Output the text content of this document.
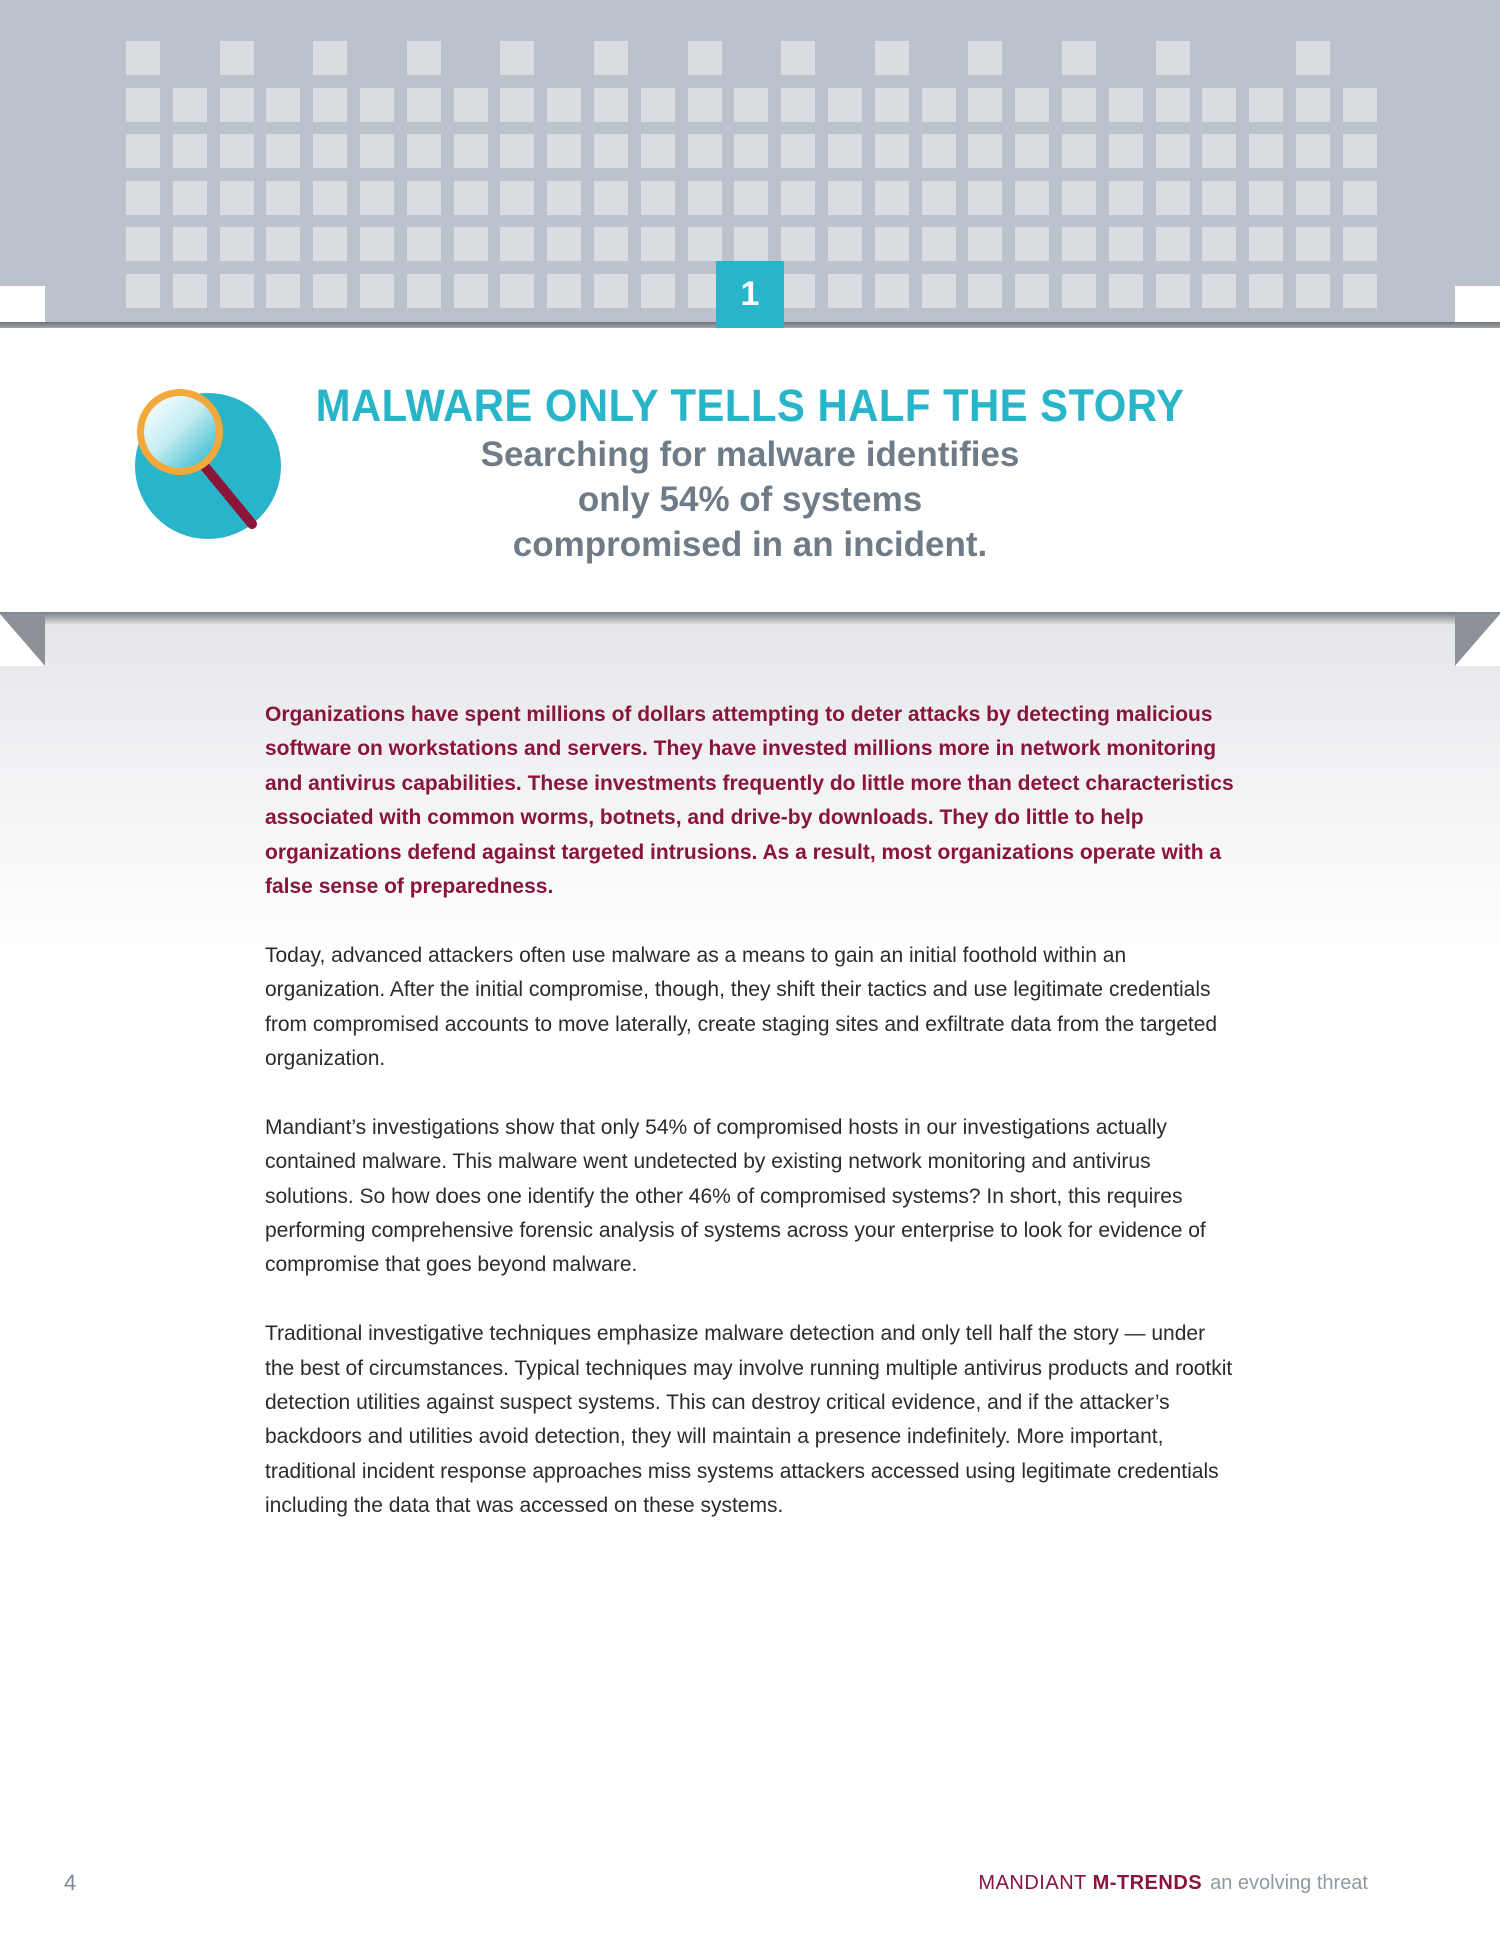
1
MALWARE ONLY TELLS HALF THE STORY
Searching for malware identifies
only 54% of systems
compromised in an incident.

Organizations have spent millions of dollars attempting to deter attacks by detecting malicious software on workstations and servers. They have invested millions more in network monitoring and antivirus capabilities. These investments frequently do little more than detect characteristics associated with common worms, botnets, and drive-by downloads. They do little to help organizations defend against targeted intrusions. As a result, most organizations operate with a false sense of preparedness.

Today, advanced attackers often use malware as a means to gain an initial foothold within an organization. After the initial compromise, though, they shift their tactics and use legitimate credentials from compromised accounts to move laterally, create staging sites and exfiltrate data from the targeted organization.

Mandiant’s investigations show that only 54% of compromised hosts in our investigations actually contained malware. This malware went undetected by existing network monitoring and antivirus solutions. So how does one identify the other 46% of compromised systems? In short, this requires performing comprehensive forensic analysis of systems across your enterprise to look for evidence of compromise that goes beyond malware.

Traditional investigative techniques emphasize malware detection and only tell half the story — under the best of circumstances. Typical techniques may involve running multiple antivirus products and rootkit detection utilities against suspect systems. This can destroy critical evidence, and if the attacker’s backdoors and utilities avoid detection, they will maintain a presence indefinitely. More important, traditional incident response approaches miss systems attackers accessed using legitimate credentials including the data that was accessed on these systems.

4	MANDIANT M-TRENDS an evolving threat
